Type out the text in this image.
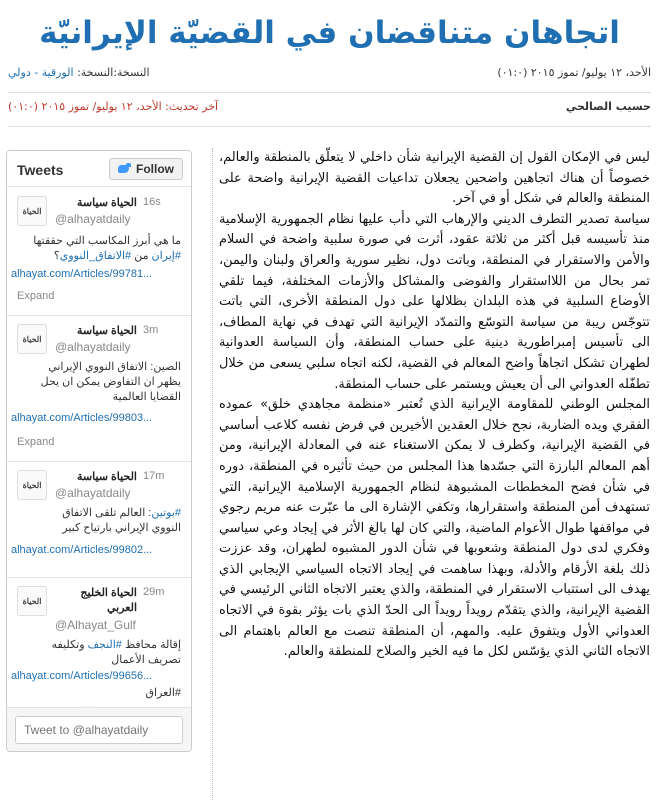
اتجاهان متناقضان في القضيّة الإيرانيّة
الأحد، ١٢ يوليو/ تموز ٢٠١٥ (٠١:٠)
النسخة:النسخة: الورقية - دولي
حسيب الصالحي
آخر تحديث: الأحد، ١٢ يوليو/ تموز ٢٠١٥ (٠١:٠)
Tweets	Follow
الحياة
الحياة سياسة 16s
@alhayatdaily
ما هي أبرز المكاسب التي حققتها #إيران من #الاتفاق_النووي؟
alhayat.com/Articles/99781...
Expand
الحياة
الحياة سياسة 3m
@alhayatdaily
الصين: الاتفاق النووي الإيراني يظهر ان التفاوض يمكن ان يحل القضايا العالمية
alhayat.com/Articles/99803...
Expand
الحياة
الحياة سياسة 17m
@alhayatdaily
#بوتين: العالم تلقى الاتفاق النووي الإيراني بارتياح كبير
alhayat.com/Articles/99802...
الحياة
الحياة الخليج العربي
29m
@Alhayat_Gulf
إقالة محافظ #النجف وتكليفه تصريف الأعمال
alhayat.com/Articles/99656...
#العراق
Tweet to @alhayatdaily

ليس في الإمكان القول إن القضية الإيرانية شأن داخلي لا يتعلّق بالمنطقة والعالم، خصوصاً أن هناك اتجاهين واضحين يجعلان تداعيات القضية الإيرانية واضحة على المنطقة والعالم في شكل أو في آخر.

سياسة تصدير التطرف الديني والإرهاب التي دأب عليها نظام الجمهورية الإسلامية منذ تأسيسه قبل أكثر من ثلاثة عقود، أثرت في صورة سلبية واضحة في السلام والأمن والاستقرار في المنطقة، وباتت دول، نظير سورية والعراق ولبنان واليمن، تمر بحال من اللااستقرار والفوضى والمشاكل والأزمات المختلفة، فيما تلقي الأوضاع السلبية في هذه البلدان بظلالها على دول المنطقة الأخرى، التي باتت تتوجّس ريبة من سياسة التوسّع والتمدّد الإيرانية التي تهدف في نهاية المطاف، الى تأسيس إمبراطورية دينية على حساب المنطقة، وأن السياسة العدوانية لطهران تشكل اتجاهاً واضح المعالم في القضية، لكنه اتجاه سلبي يسعى من خلال تطفّله العدواني الى أن يعيش ويستمر على حساب المنطقة.

المجلس الوطني للمقاومة الإيرانية الذي تُعتبر «منظمة مجاهدي خلق» عموده الفقري ويده الضاربة، نجح خلال العقدين الأخيرين في فرض نفسه كلاعب أساسي في القضية الإيرانية، وكطرف لا يمكن الاستغناء عنه في المعادلة الإيرانية، ومن أهم المعالم البارزة التي جسّدها هذا المجلس من حيث تأثيره في المنطقة، دوره في شأن فضح المخططات المشبوهة لنظام الجمهورية الإسلامية الإيرانية، التي تستهدف أمن المنطقة واستقرارها، وتكفي الإشارة الى ما عبّرت عنه مريم رجوي في مواقفها طوال الأعوام الماضية، والتي كان لها بالغ الأثر في إيجاد وعي سياسي وفكري لدى دول المنطقة وشعوبها في شأن الدور المشبوه لطهران، وقد عززت ذلك بلغة الأرقام والأدلة، وبهذا ساهمت في إيجاد الاتجاه السياسي الإيجابي الذي يهدف الى استتباب الاستقرار في المنطقة، والذي يعتبر الاتجاه الثاني الرئيسي في القضية الإيرانية، والذي يتقدّم رويداً رويداً الى الحدّ الذي بات يؤثر بقوة في الاتجاه العدواني الأول ويتفوق عليه. والمهم، أن المنطقة تنصت مع العالم باهتمام الى الاتجاه الثاني الذي يؤسّس لكل ما فيه الخير والصلاح للمنطقة والعالم.
